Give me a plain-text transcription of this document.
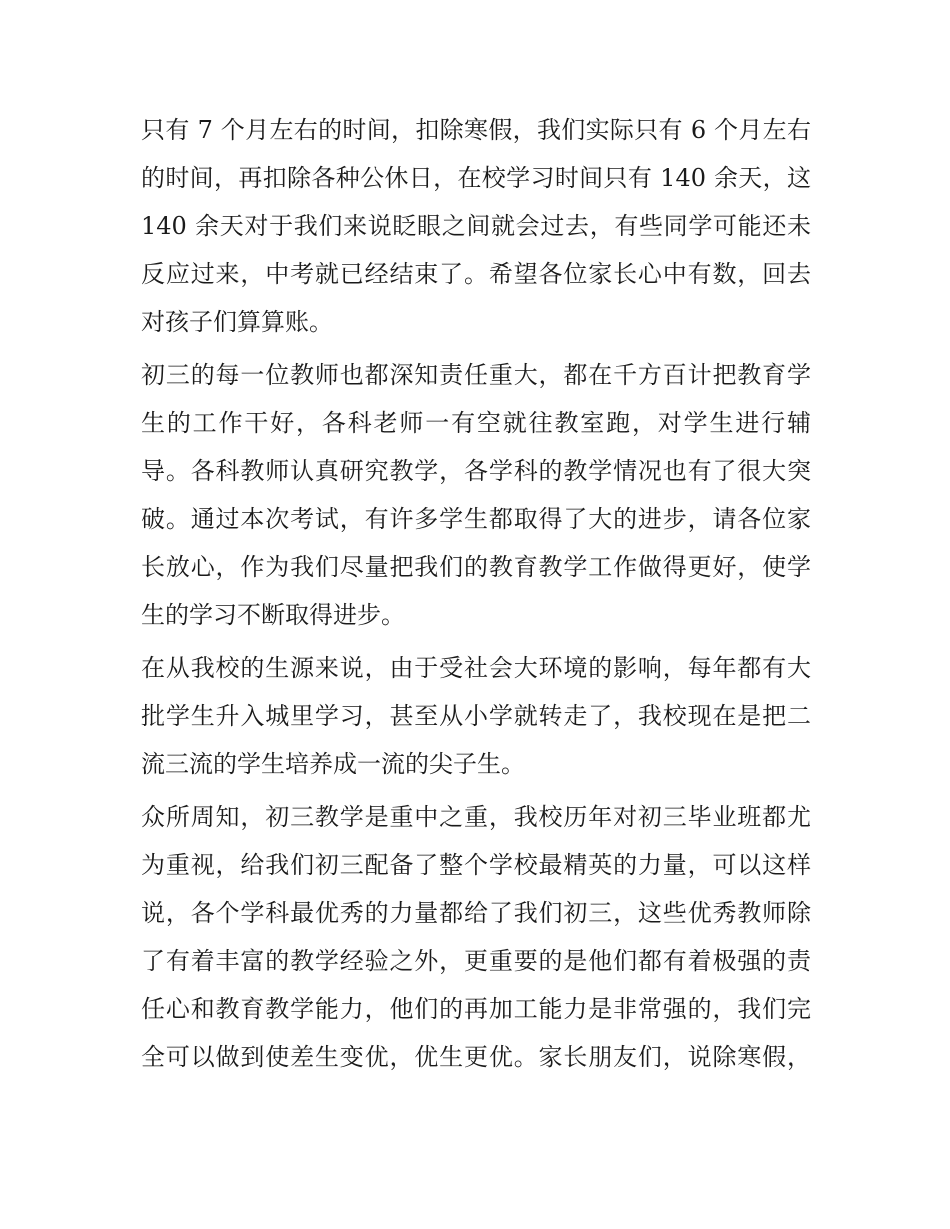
只有 7 个月左右的时间，扣除寒假，我们实际只有 6 个月左右
的时间，再扣除各种公休日，在校学习时间只有 140 余天，这
140 余天对于我们来说眨眼之间就会过去，有些同学可能还未
反应过来，中考就已经结束了。希望各位家长心中有数，回去
对孩子们算算账。
初三的每一位教师也都深知责任重大，都在千方百计把教育学
生的工作干好，各科老师一有空就往教室跑，对学生进行辅
导。各科教师认真研究教学，各学科的教学情况也有了很大突
破。通过本次考试，有许多学生都取得了大的进步，请各位家
长放心，作为我们尽量把我们的教育教学工作做得更好，使学
生的学习不断取得进步。
在从我校的生源来说，由于受社会大环境的影响，每年都有大
批学生升入城里学习，甚至从小学就转走了，我校现在是把二
流三流的学生培养成一流的尖子生。
众所周知，初三教学是重中之重，我校历年对初三毕业班都尤
为重视，给我们初三配备了整个学校最精英的力量，可以这样
说，各个学科最优秀的力量都给了我们初三，这些优秀教师除
了有着丰富的教学经验之外，更重要的是他们都有着极强的责
任心和教育教学能力，他们的再加工能力是非常强的，我们完
全可以做到使差生变优，优生更优。家长朋友们，说除寒假，
